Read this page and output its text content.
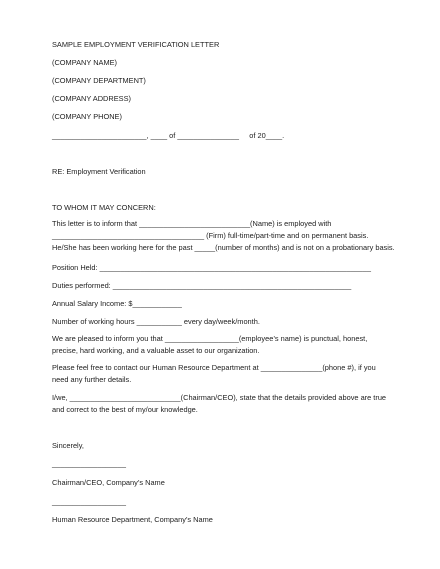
SAMPLE EMPLOYMENT VERIFICATION LETTER

(COMPANY NAME)

(COMPANY DEPARTMENT)

(COMPANY ADDRESS)

(COMPANY PHONE)

_______________________, ____ of _______________     of 20____.

RE: Employment Verification

TO WHOM IT MAY CONCERN:

This letter is to inform that ___________________________(Name) is employed with
_____________________________________ (Firm) full-time/part-time and on permanent basis.
He/She has been working here for the past _____(number of months) and is not on a probationary basis.

Position Held: __________________________________________________________________

Duties performed: __________________________________________________________

Annual Salary Income: $____________

Number of working hours ___________ every day/week/month.

We are pleased to inform you that __________________(employee’s name) is punctual, honest,
precise, hard working, and a valuable asset to our organization.
Please feel free to contact our Human Resource Department at _______________(phone #), if you
need any further details.
I/we, ___________________________(Chairman/CEO), state that the details provided above are true
and correct to the best of my/our knowledge.

Sincerely,

__________________

Chairman/CEO, Company’s Name

__________________

Human Resource Department, Company’s Name
